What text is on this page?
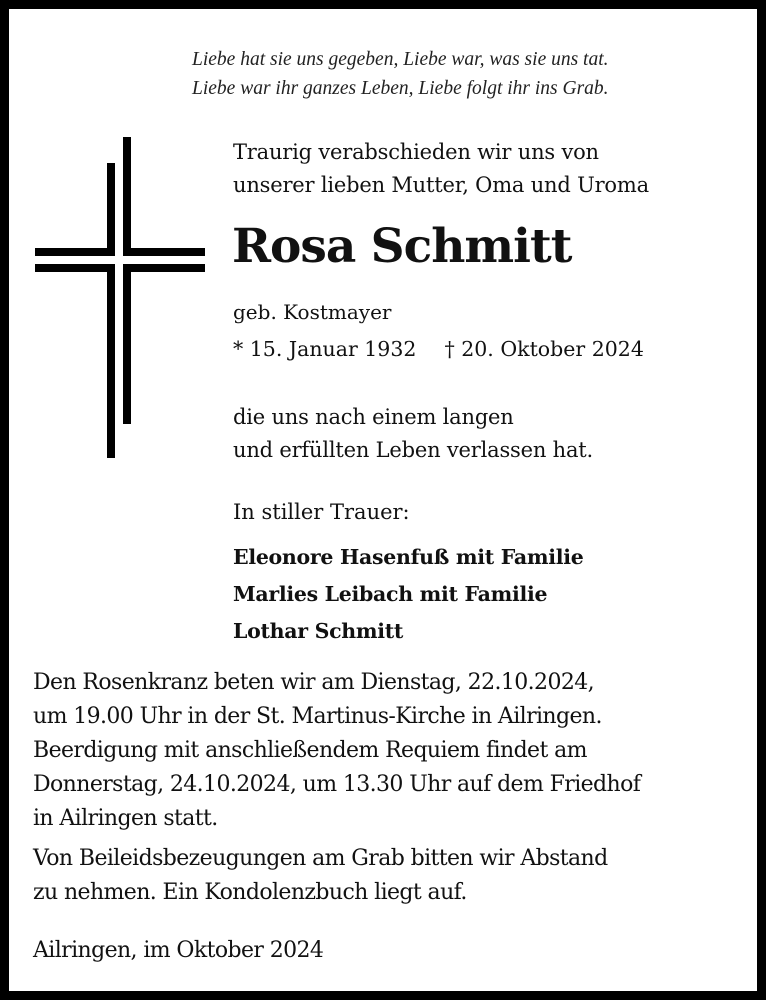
Liebe hat sie uns gegeben, Liebe war, was sie uns tat.
Liebe war ihr ganzes Leben, Liebe folgt ihr ins Grab.
Traurig verabschieden wir uns von
unserer lieben Mutter, Oma und Uroma
Rosa Schmitt
geb. Kostmayer
* 15. Januar 1932 † 20. Oktober 2024
die uns nach einem langen
und erfüllten Leben verlassen hat.
In stiller Trauer:
Eleonore Hasenfuß mit Familie
Marlies Leibach mit Familie
Lothar Schmitt
Den Rosenkranz beten wir am Dienstag, 22.10.2024,
um 19.00 Uhr in der St. Martinus-Kirche in Ailringen.
Beerdigung mit anschließendem Requiem findet am
Donnerstag, 24.10.2024, um 13.30 Uhr auf dem Friedhof
in Ailringen statt.
Von Beileidsbezeugungen am Grab bitten wir Abstand
zu nehmen. Ein Kondolenzbuch liegt auf.
Ailringen, im Oktober 2024
